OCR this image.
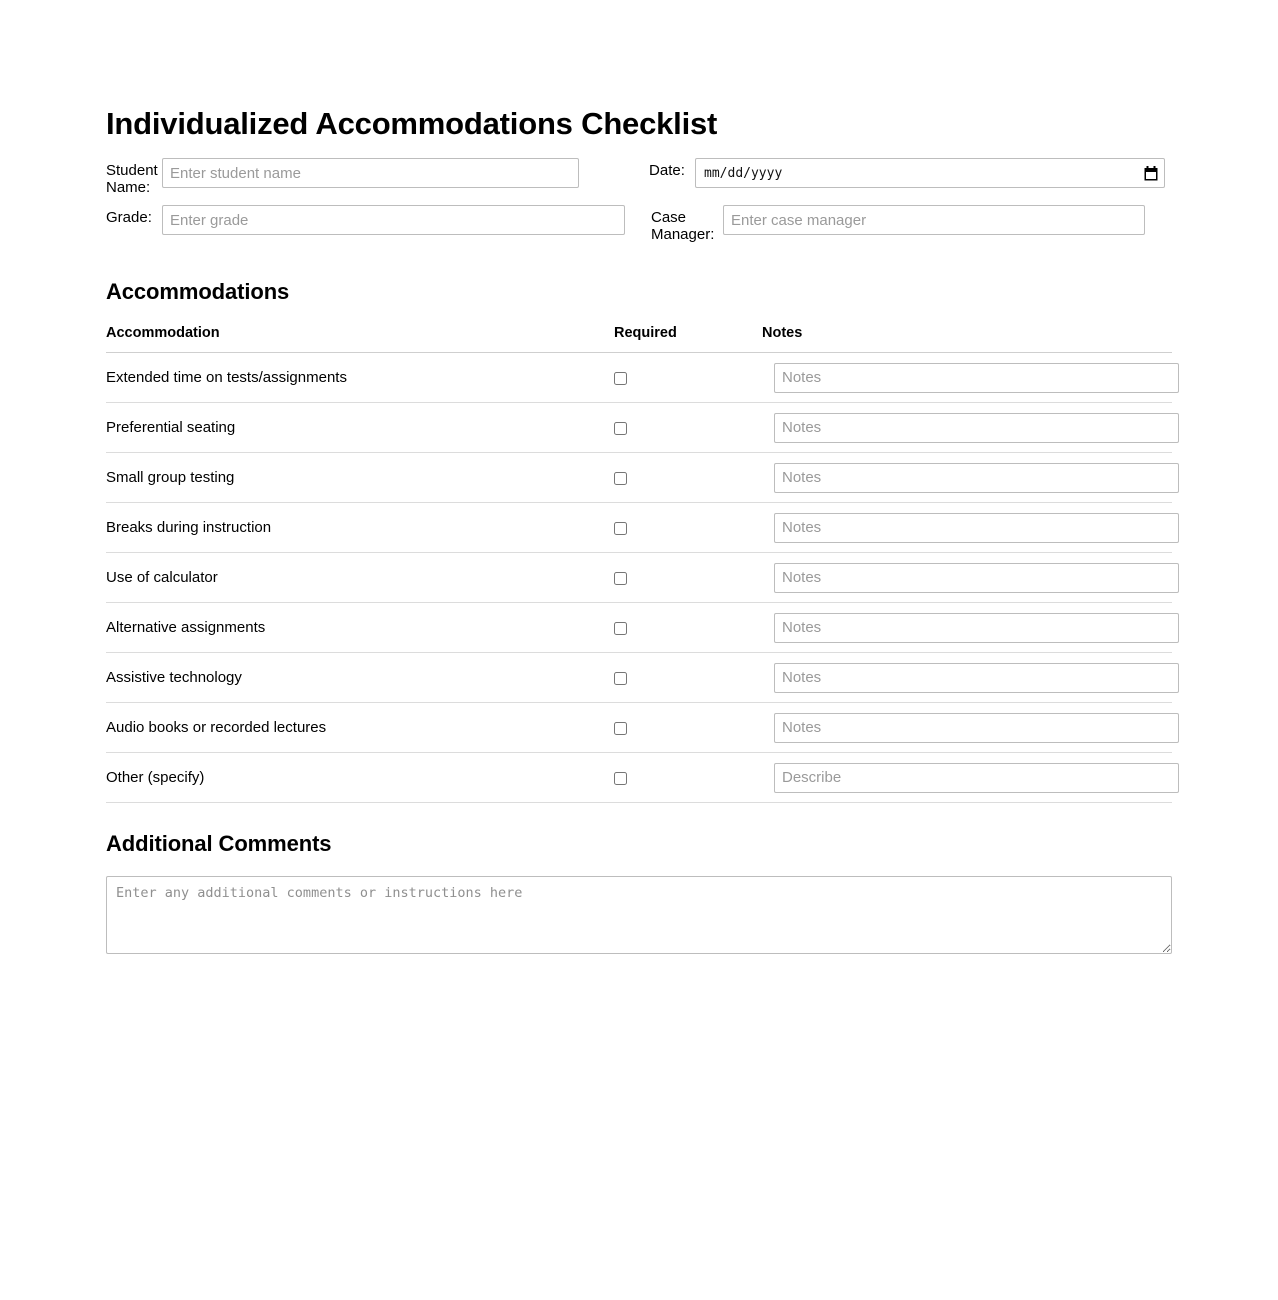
Individualized Accommodations Checklist
Student Name:
Enter student name
Date:	mm/dd/yyyy
Grade:
Enter grade	Case Manager:
Enter case manager
Accommodations
Accommodation	Required	Notes
Extended time on tests/assignments		Notes
Preferential seating		Notes
Small group testing		Notes
Breaks during instruction		Notes
Use of calculator		Notes
Alternative assignments		Notes
Assistive technology		Notes
Audio books or recorded lectures		Notes
Other (specify)		Describe
Additional Comments
Enter any additional comments or instructions here
